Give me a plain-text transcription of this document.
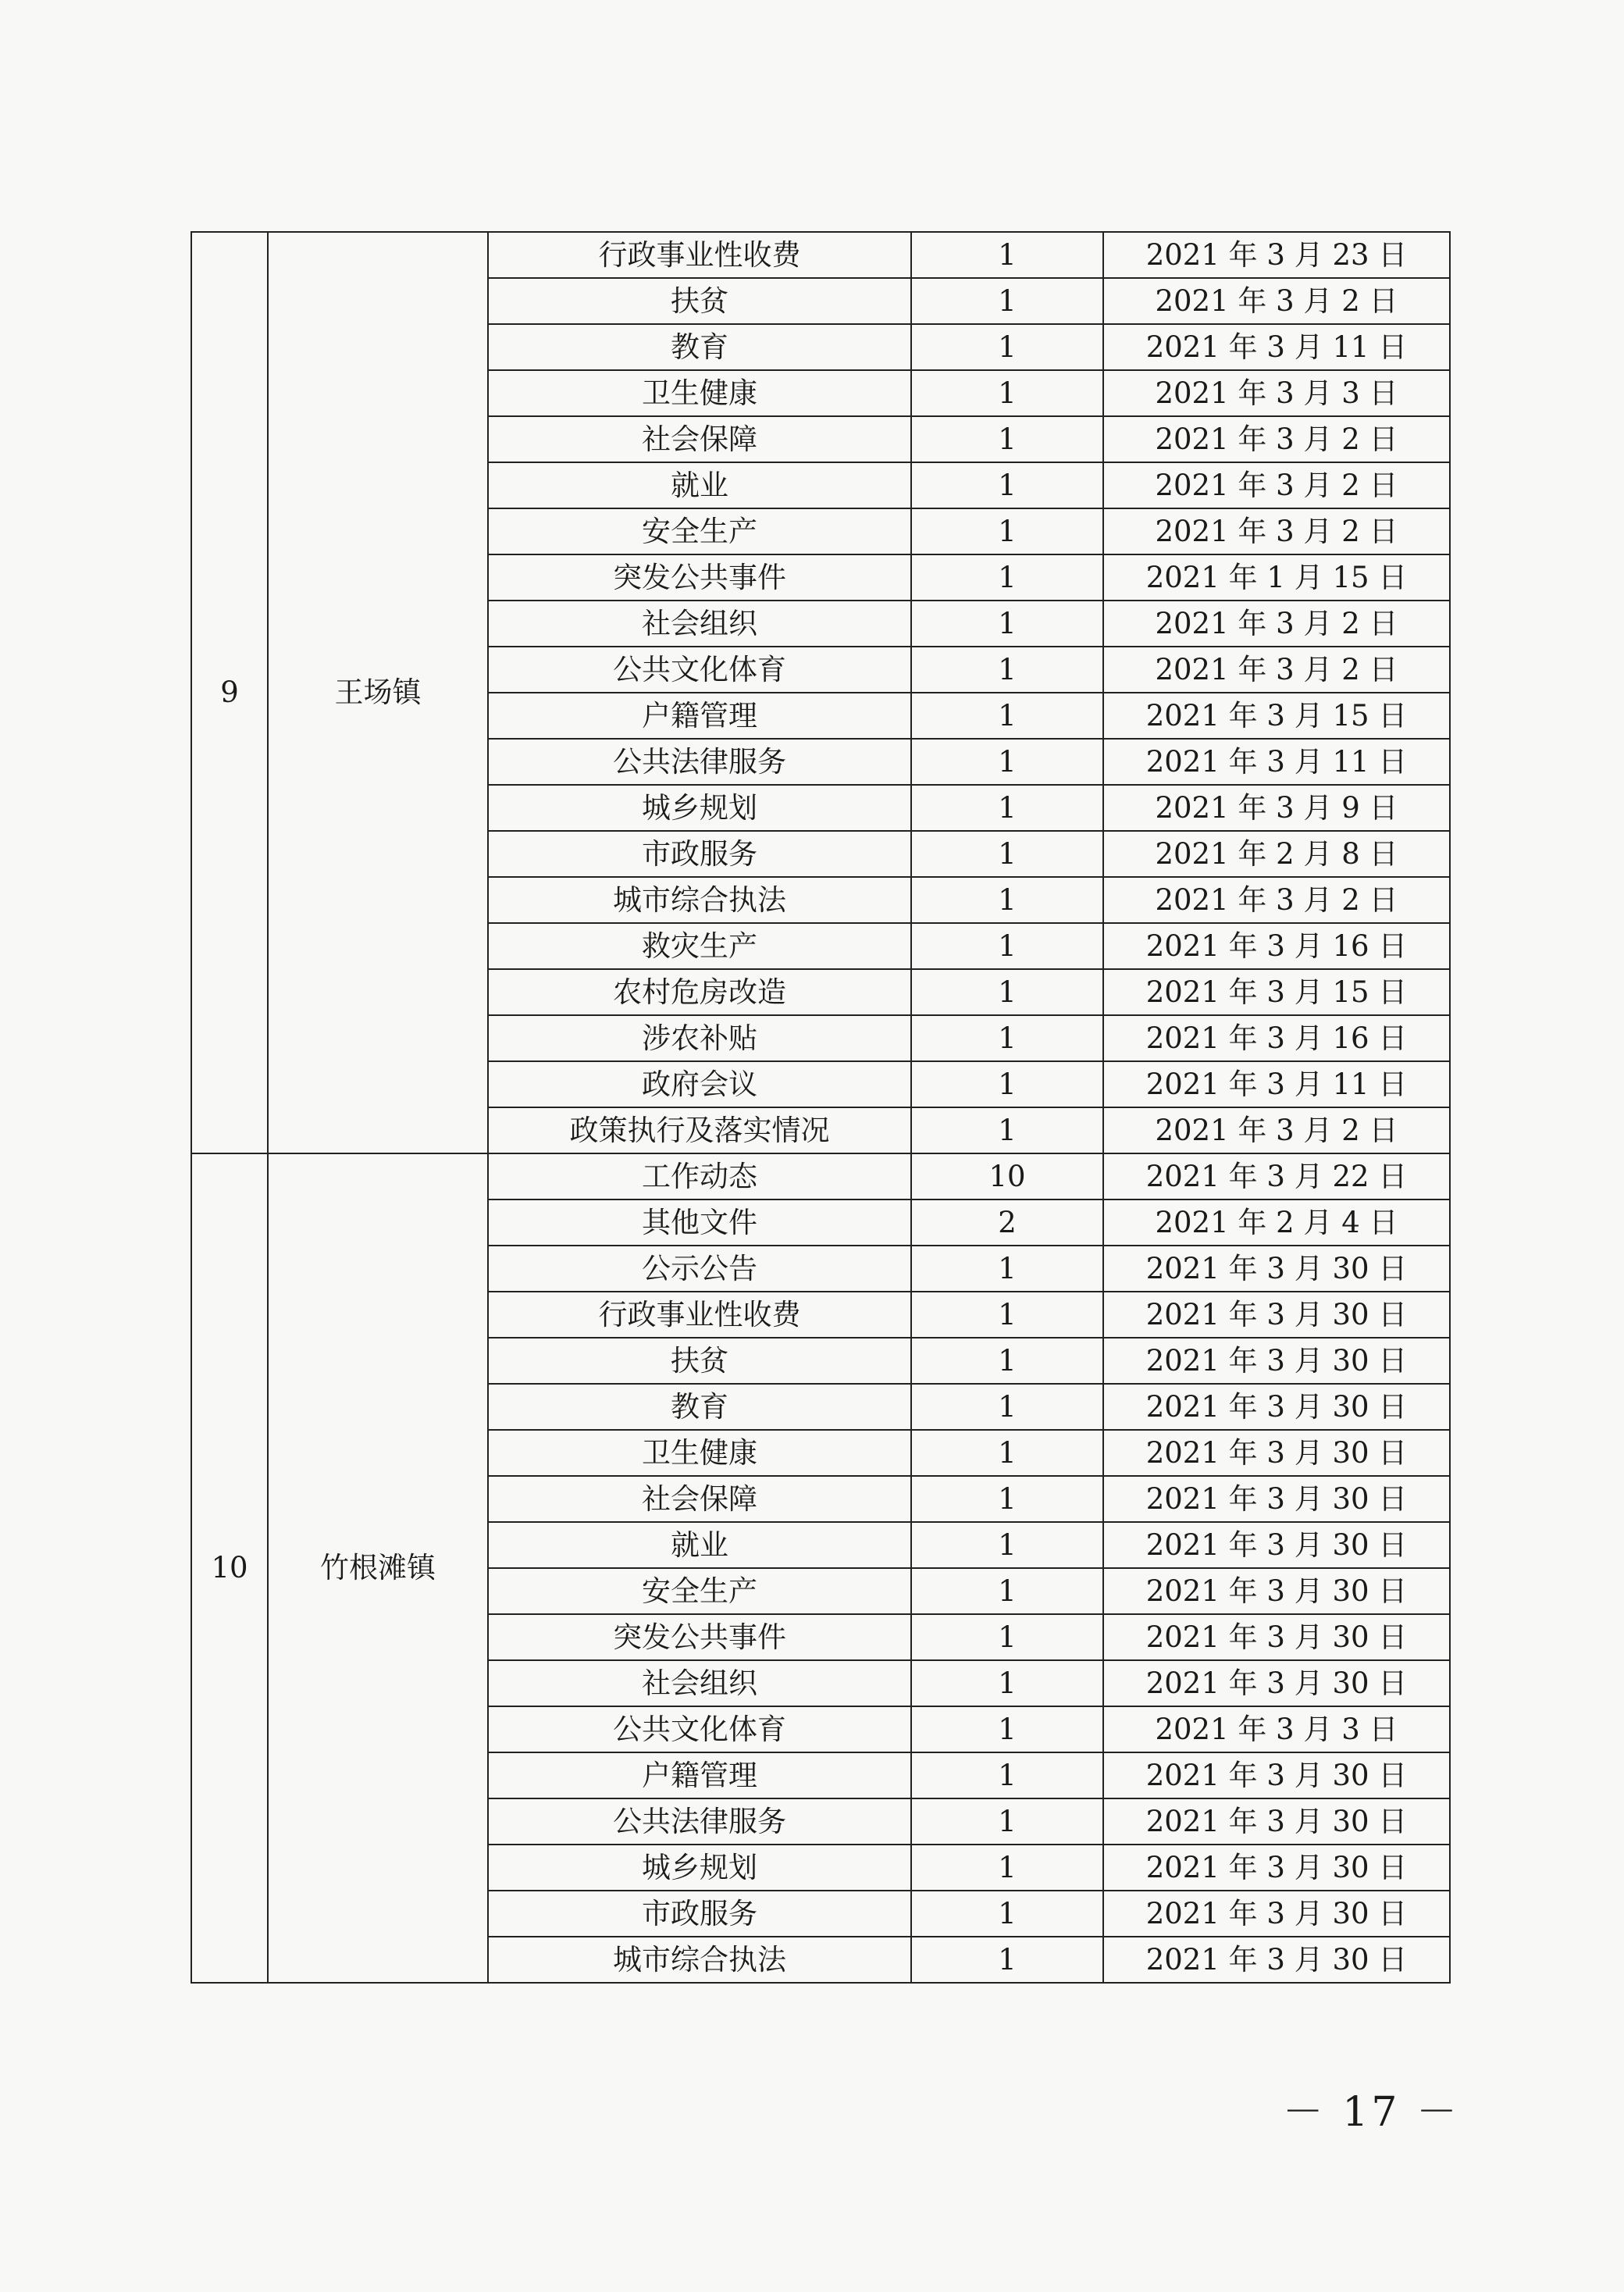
9	王场镇	行政事业性收费	1	2021 年 3 月 23 日
		扶贫	1	2021 年 3 月 2 日
		教育	1	2021 年 3 月 11 日
		卫生健康	1	2021 年 3 月 3 日
		社会保障	1	2021 年 3 月 2 日
		就业	1	2021 年 3 月 2 日
		安全生产	1	2021 年 3 月 2 日
		突发公共事件	1	2021 年 1 月 15 日
		社会组织	1	2021 年 3 月 2 日
		公共文化体育	1	2021 年 3 月 2 日
		户籍管理	1	2021 年 3 月 15 日
		公共法律服务	1	2021 年 3 月 11 日
		城乡规划	1	2021 年 3 月 9 日
		市政服务	1	2021 年 2 月 8 日
		城市综合执法	1	2021 年 3 月 2 日
		救灾生产	1	2021 年 3 月 16 日
		农村危房改造	1	2021 年 3 月 15 日
		涉农补贴	1	2021 年 3 月 16 日
		政府会议	1	2021 年 3 月 11 日
		政策执行及落实情况	1	2021 年 3 月 2 日
10	竹根滩镇	工作动态	10	2021 年 3 月 22 日
		其他文件	2	2021 年 2 月 4 日
		公示公告	1	2021 年 3 月 30 日
		行政事业性收费	1	2021 年 3 月 30 日
		扶贫	1	2021 年 3 月 30 日
		教育	1	2021 年 3 月 30 日
		卫生健康	1	2021 年 3 月 30 日
		社会保障	1	2021 年 3 月 30 日
		就业	1	2021 年 3 月 30 日
		安全生产	1	2021 年 3 月 30 日
		突发公共事件	1	2021 年 3 月 30 日
		社会组织	1	2021 年 3 月 30 日
		公共文化体育	1	2021 年 3 月 3 日
		户籍管理	1	2021 年 3 月 30 日
		公共法律服务	1	2021 年 3 月 30 日
		城乡规划	1	2021 年 3 月 30 日
		市政服务	1	2021 年 3 月 30 日
		城市综合执法	1	2021 年 3 月 30 日
－ 17 －
